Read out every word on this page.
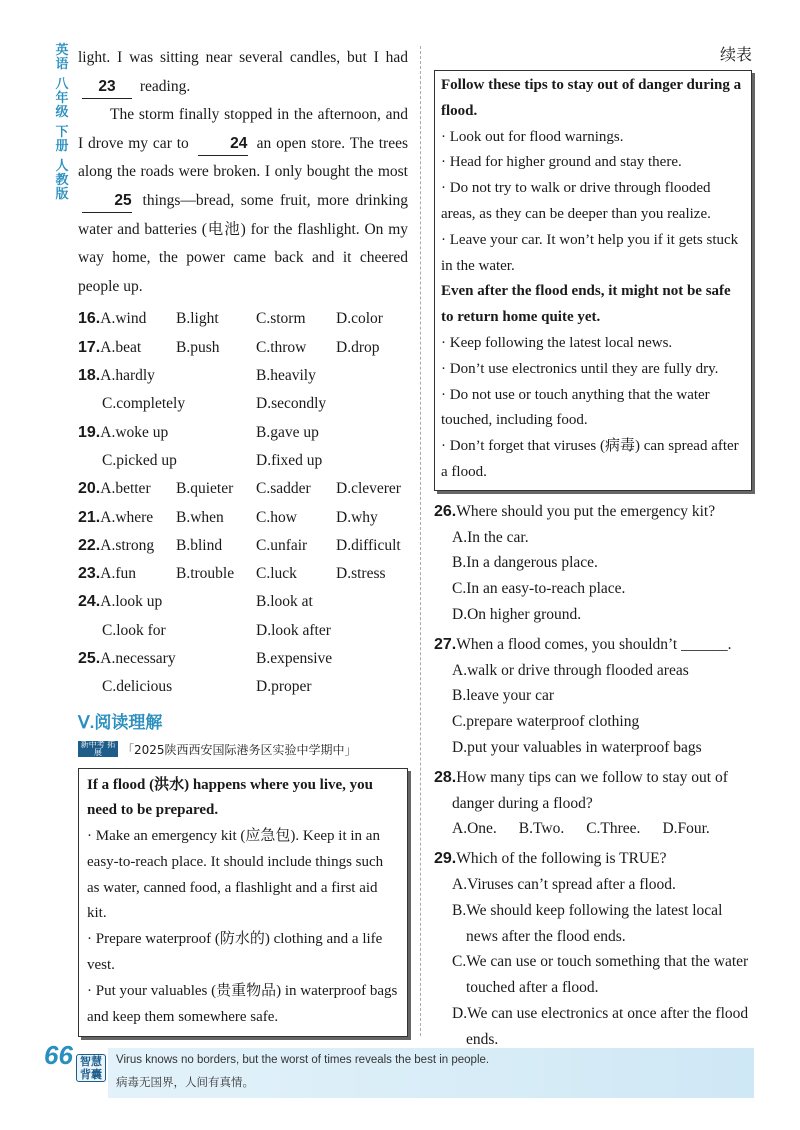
英语
八年级
下册
人教版
续表

light. I was sitting near several candles, but I had 23 reading.

The storm finally stopped in the afternoon, and I drove my car to	24 an open store. The trees along the roads were broken. I only bought the most 25 things—bread, some fruit, more drinking water and batteries (电池) for the flashlight. On my way home, the power came back and it cheered people up.

16.A.wind	B.light	C.storm	D.color
17.A.beat	B.push	C.throw	D.drop
18.A.hardly		B.heavily	
C.completely		D.secondly	
19.A.woke up		B.gave up	
C.picked up		D.fixed up	
20.A.better	B.quieter	C.sadder	D.cleverer
21.A.where	B.when	C.how	D.why
22.A.strong	B.blind	C.unfair	D.difficult
23.A.fun	B.trouble	C.luck	D.stress
24.A.look up		B.look at	
C.look for		D.look after	
25.A.necessary		B.expensive	
C.delicious		D.proper	
Ⅴ.阅读理解
新中考 拓展	「2025陕西西安国际港务区实验中学期中」
If a flood (洪水) happens where you live, you need to be prepared.
· Make an emergency kit (应急包). Keep it in an easy-to-reach place. It should include things such as water, canned food, a flashlight and a first aid kit.
· Prepare waterproof (防水的) clothing and a life vest.
· Put your valuables (贵重物品) in waterproof bags and keep them somewhere safe.
Follow these tips to stay out of danger during a flood.
· Look out for flood warnings.
· Head for higher ground and stay there.
· Do not try to walk or drive through flooded areas, as they can be deeper than you realize.
· Leave your car. It won’t help you if it gets stuck in the water.
Even after the flood ends, it might not be safe to return home quite yet.
· Keep following the latest local news.
· Don’t use electronics until they are fully dry.
· Do not use or touch anything that the water touched, including food.
· Don’t forget that viruses (病毒) can spread after a flood.
26.Where should you put the emergency kit?
A.In the car.
B.In a dangerous place.
C.In an easy-to-reach place.
D.On higher ground.
27.When a flood comes, you shouldn’t ______.
A.walk or drive through flooded areas
B.leave your car
C.prepare waterproof clothing
D.put your valuables in waterproof bags
28.How many tips can we follow to stay out of danger during a flood?
A.One. B.Two. C.Three. D.Four.
29.Which of the following is TRUE?
A.Viruses can’t spread after a flood.
B.We should keep following the latest local news after the flood ends.
C.We can use or touch something that the water touched after a flood.
D.We can use electronics at once after the flood ends.
66 智慧背囊
Virus knows no borders, but the worst of times reveals the best in people.
病毒无国界，人间有真情。
